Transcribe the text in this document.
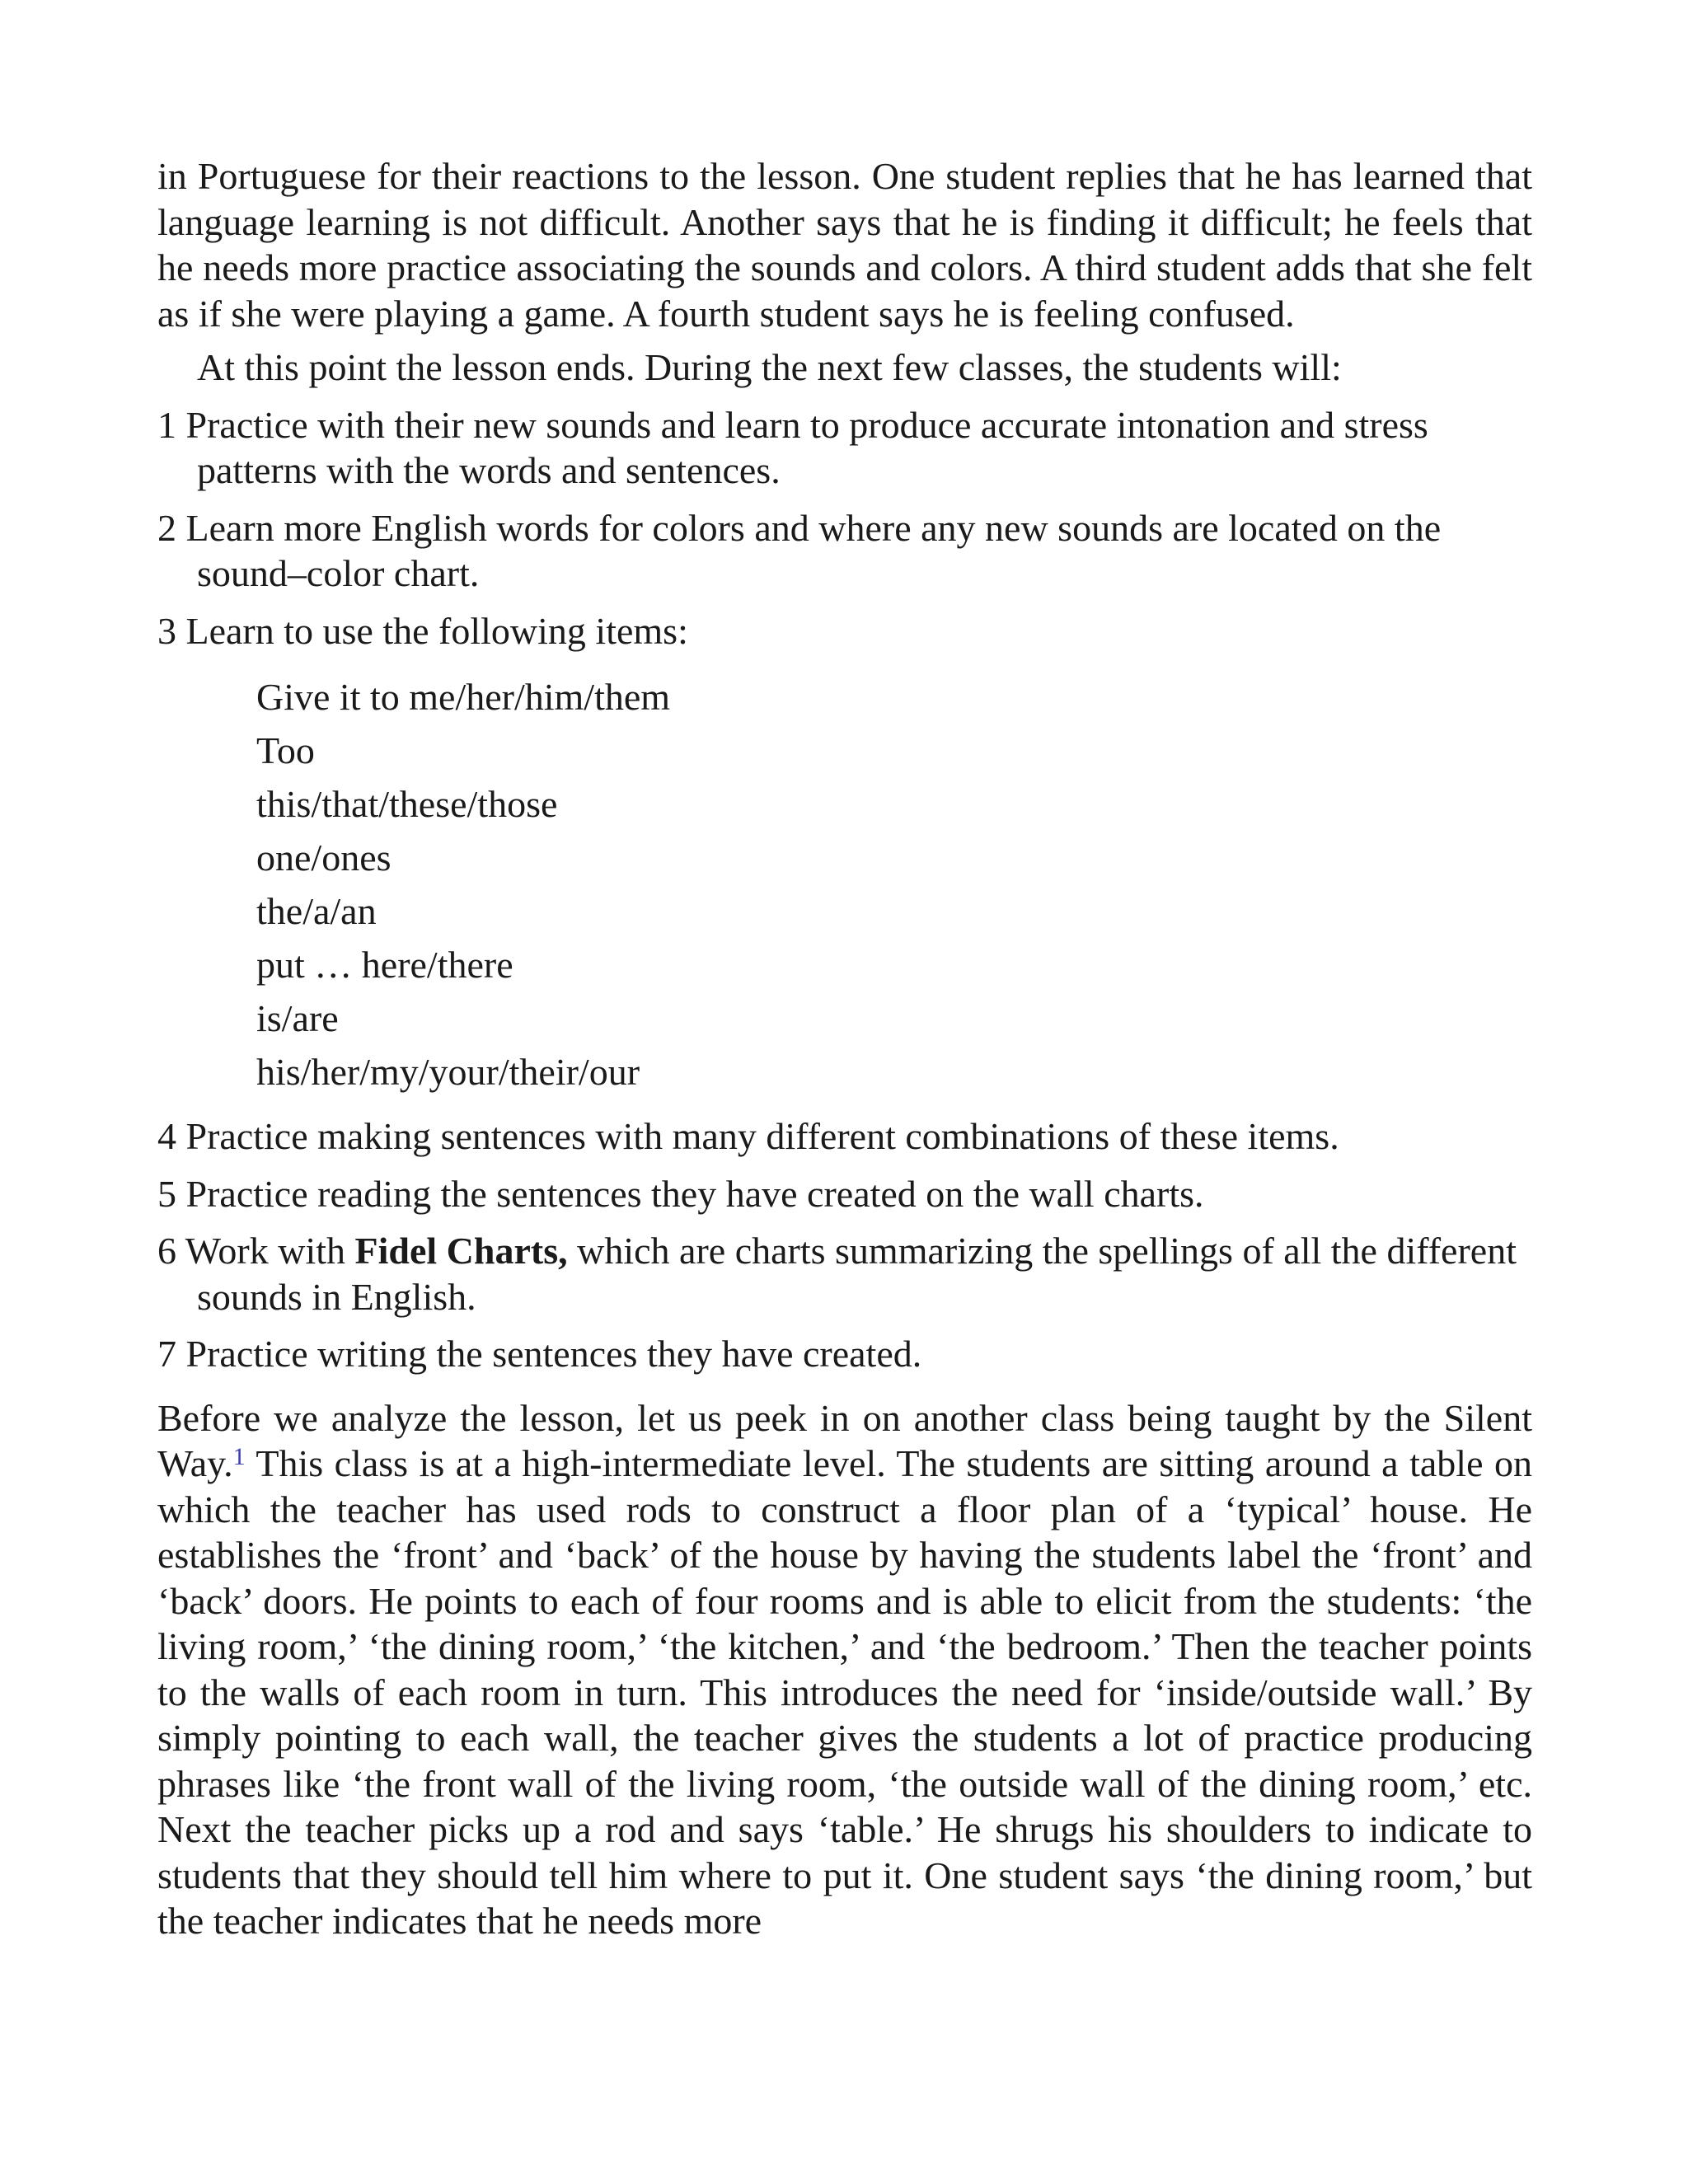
in Portuguese for their reactions to the lesson. One student replies that he has learned that language learning is not difficult. Another says that he is finding it difficult; he feels that he needs more practice associating the sounds and colors. A third student adds that she felt as if she were playing a game. A fourth student says he is feeling confused.

At this point the lesson ends. During the next few classes, the students will:

1 Practice with their new sounds and learn to produce accurate intonation and stress patterns with the words and sentences.
2 Learn more English words for colors and where any new sounds are located on the sound–color chart.
3 Learn to use the following items:
Give it to me/her/him/them
Too
this/that/these/those
one/ones
the/a/an
put … here/there
is/are
his/her/my/your/their/our
4 Practice making sentences with many different combinations of these items.
5 Practice reading the sentences they have created on the wall charts.
6 Work with Fidel Charts, which are charts summarizing the spellings of all the different sounds in English.
7 Practice writing the sentences they have created.

Before we analyze the lesson, let us peek in on another class being taught by the Silent Way.$^1$ This class is at a high-intermediate level. The students are sitting around a table on which the teacher has used rods to construct a floor plan of a ‘typical’ house. He establishes the ‘front’ and ‘back’ of the house by having the students label the ‘front’ and ‘back’ doors. He points to each of four rooms and is able to elicit from the students: ‘the living room,’ ‘the dining room,’ ‘the kitchen,’ and ‘the bedroom.’ Then the teacher points to the walls of each room in turn. This introduces the need for ‘inside/outside wall.’ By simply pointing to each wall, the teacher gives the students a lot of practice producing phrases like ‘the front wall of the living room, ‘the outside wall of the dining room,’ etc. Next the teacher picks up a rod and says ‘table.’ He shrugs his shoulders to indicate to students that they should tell him where to put it. One student says ‘the dining room,’ but the teacher indicates that he needs more
